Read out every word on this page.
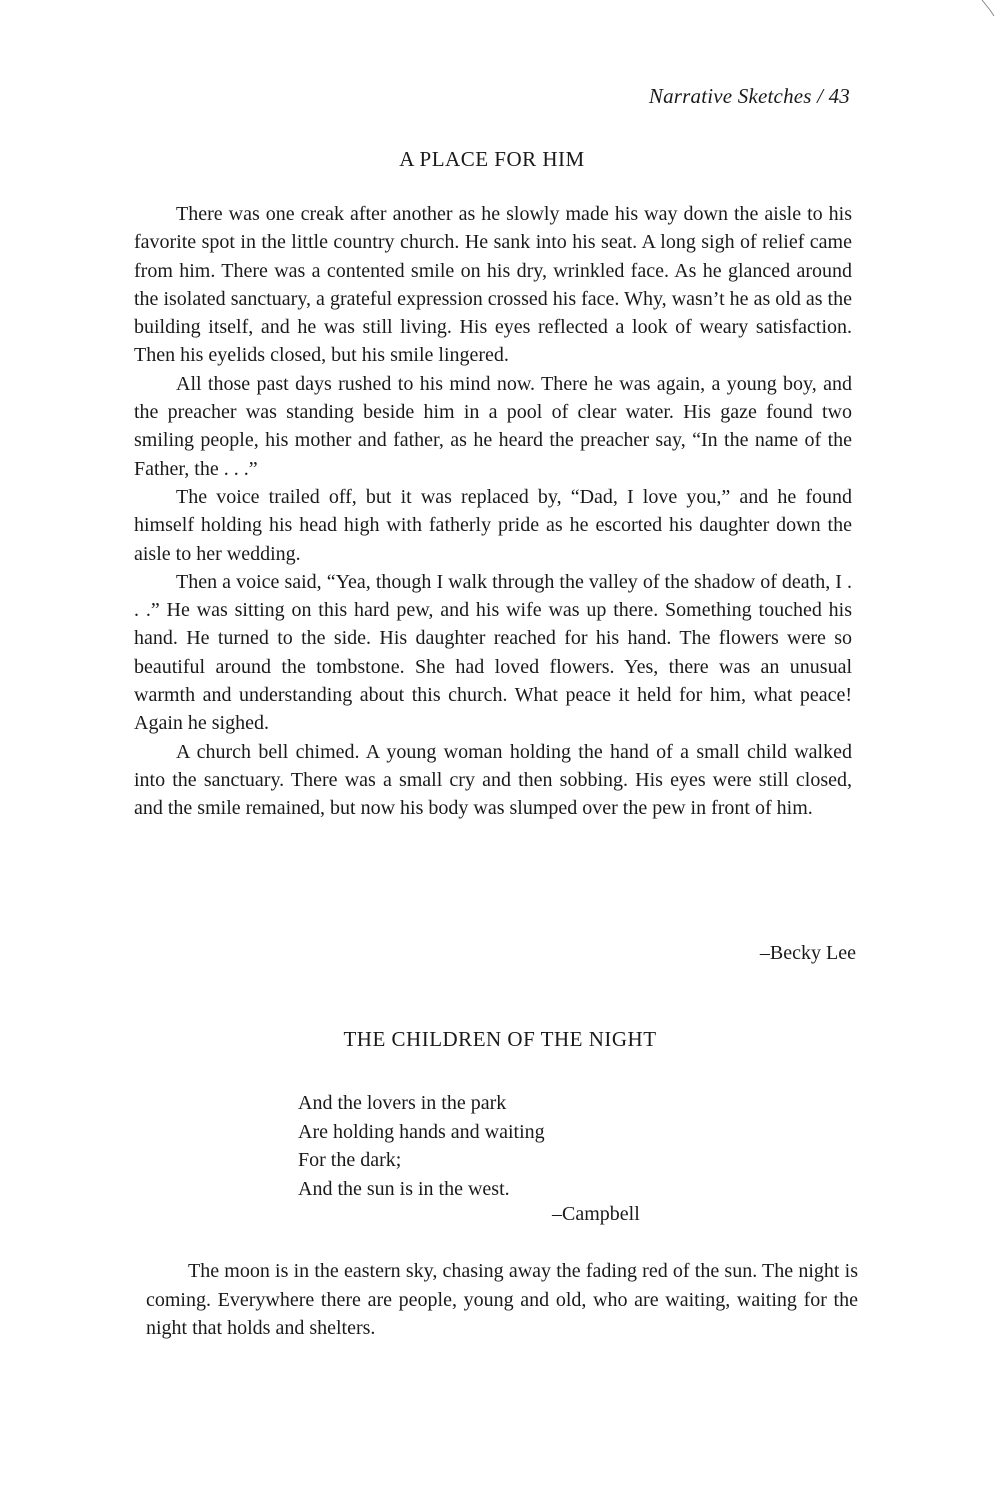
Narrative Sketches / 43
A PLACE FOR HIM

There was one creak after another as he slowly made his way down the aisle to his favorite spot in the little country church. He sank into his seat. A long sigh of relief came from him. There was a contented smile on his dry, wrinkled face. As he glanced around the isolated sanctuary, a grateful expression crossed his face. Why, wasn’t he as old as the building itself, and he was still living. His eyes reflected a look of weary satisfaction. Then his eyelids closed, but his smile lingered.

All those past days rushed to his mind now. There he was again, a young boy, and the preacher was standing beside him in a pool of clear water. His gaze found two smiling people, his mother and father, as he heard the preacher say, “In the name of the Father, the . . .”

The voice trailed off, but it was replaced by, “Dad, I love you,” and he found himself holding his head high with fatherly pride as he escorted his daughter down the aisle to her wedding.

Then a voice said, “Yea, though I walk through the valley of the shadow of death, I . . .” He was sitting on this hard pew, and his wife was up there. Something touched his hand. He turned to the side. His daughter reached for his hand. The flowers were so beautiful around the tombstone. She had loved flowers. Yes, there was an unusual warmth and understanding about this church. What peace it held for him, what peace! Again he sighed.

A church bell chimed. A young woman holding the hand of a small child walked into the sanctuary. There was a small cry and then sobbing. His eyes were still closed, and the smile remained, but now his body was slumped over the pew in front of him.

–Becky Lee
THE CHILDREN OF THE NIGHT
And the lovers in the park
Are holding hands and waiting
For the dark;
And the sun is in the west.
–Campbell

The moon is in the eastern sky, chasing away the fading red of the sun. The night is coming. Everywhere there are people, young and old, who are waiting, waiting for the night that holds and shelters.
